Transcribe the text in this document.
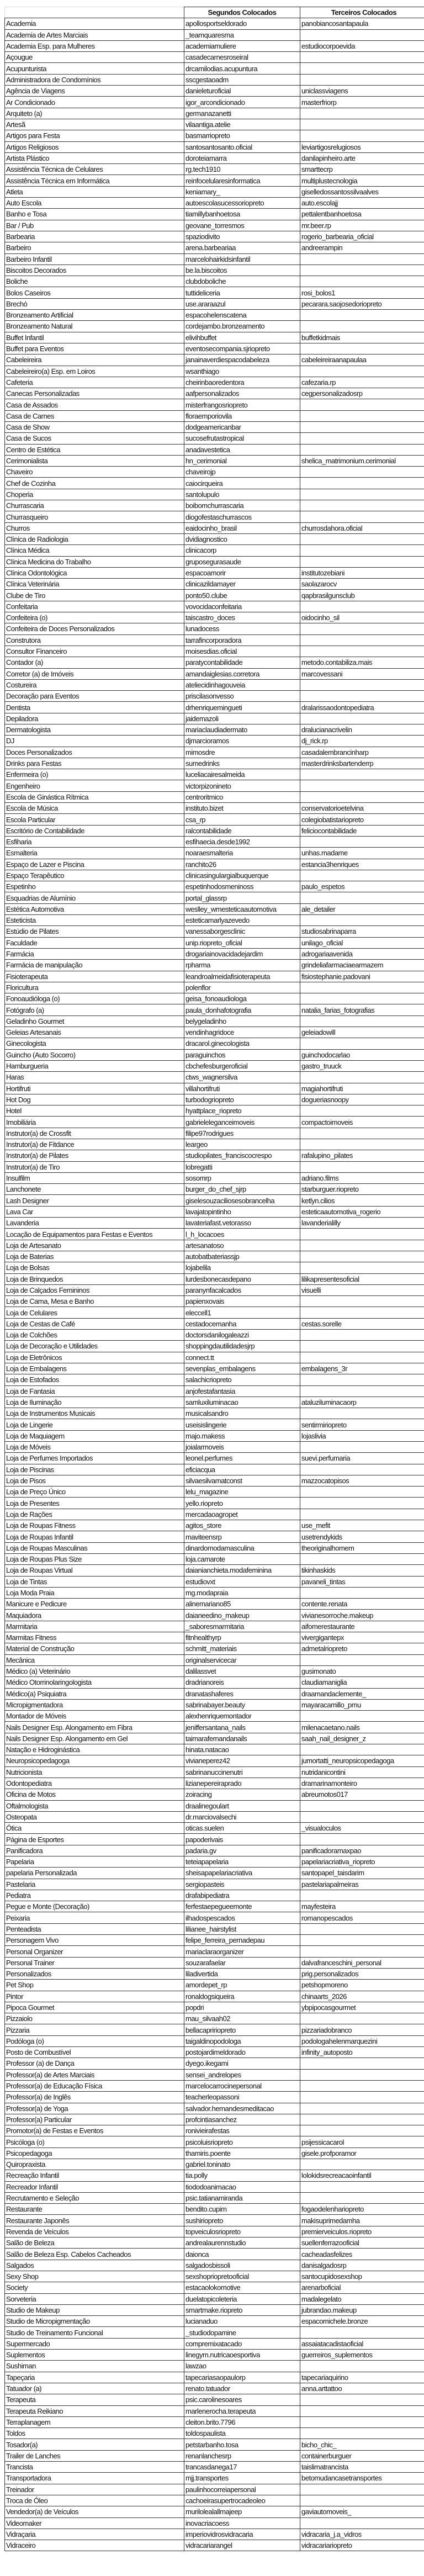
	Segundos Colocados	Terceiros Colocados
Academia	apollosportseldorado	panobiancosantapaula
Academia de Artes Marciais	_teamquaresma	
Academia Esp. para Mulheres	academiamuliere	estudiocorpoevida
Açougue	casadecarnesroseiral	
Acupunturista	drcamilodias.acupuntura	
Administradora de Condomínios	sscgestaoadm	
Agência de Viagens	danieleturoficial	uniclassviagens
Ar Condicionado	igor_arcondicionado	masterfriorp
Arquiteto (a)	germanazanetti	
Artesã	vilaantiga.atelie	
Artigos para Festa	basmarriopreto	
Artigos Religiosos	santosantosanto.oficial	leviartigosrelugiosos
Artista Plástico	doroteiamarra	danilapinheiro.arte
Assistência Técnica de Celulares	rg.tech1910	smarttecrp
Assistência Técnica em Informática	reinfocelularesinformatica	multiplustecnologia
Atleta	keniamary_	giselledossantossilvaalves
Auto Escola	autoescolasucessoriopreto	auto.escolajj
Banho e Tosa	tiamillybanhoetosa	pettalentbanhoetosa
Bar / Pub	geovane_torresmos	mr.beer.rp
Barbearia	spaziodivito	rogerio_barbearia_oficial
Barbeiro	arena.barbeariaa	andreerampin
Barbeiro Infantil	marcelohairkidsinfantil	
Biscoitos Decorados	be.la.biscoitos	
Boliche	clubdoboliche	
Bolos Caseiros	tuttideliceria	rosi_bolos1
Brechó	use.araraazul	pecarara.saojosedoriopreto
Bronzeamento Artificial	espacohelenscatena	
Bronzeamento Natural	cordejambo.bronzeamento	
Buffet Infantil	elivihbuffet	buffetkidmais
Buffet para Eventos	eventosecompania.sjriopreto	
Cabeleireira	janainaverdiespacodabeleza	cabeleireiraanapaulaa
Cabeleireiro(a) Esp. em Loiros	wsanthiago	
Cafeteria	cheirinbaoredentora	cafezaria.rp
Canecas Personalizadas	aafpersonalizados	cegpersonalizadosrp
Casa de Assados	misterfrangosriopreto	
Casa de Carnes	floraemporiovila	
Casa de Show	dodgeamericanbar	
Casa de Sucos	sucosefrutastropical	
Centro de Estética	anadavestetica	
Cerimonialista	hn_cerimonial	shelica_matrimonium.cerimonial
Chaveiro	chaveirojp	
Chef de Cozinha	caiocirqueira	
Choperia	santolupulo	
Churrascaria	boibomchurrascaria	
Churrasqueiro	diogofestaschurrascos	
Churros	eaidocinho_brasil	churrosdahora.oficial
Clínica de Radiologia	dvidiagnostico	
Clínica Médica	clinicacorp	
Clínica Medicina do Trabalho	gruposegurasaude	
Clínica Odontológica	espacoamorir	institutozebiani
Clínica Veterinária	clinicazildamayer	saolazarocv
Clube de Tiro	ponto50.clube	qapbrasilgunsclub
Confeitaria	vovocidaconfeitaria	
Confeiteira (o)	taiscastro_doces	oidocinho_sil
Confeiteira de Doces Personalizados	lunadocess	
Construtora	tarrafincorporadora	
Consultor Financeiro	moisesdias.oficial	
Contador (a)	paratycontabilidade	metodo.contabiliza.mais
Corretor (a) de Imóveis	amandaiglesias.corretora	marcovessani
Costureira	ateliecidinhagouveia	
Decoração para Eventos	priscilasonvesso	
Dentista	drhenriquemingueti	dralarissaodontopediatra
Depiladora	jaidemazoli	
Dermatologista	mariaclaudiadermato	dralucianacrivelin
DJ	djmarcioramos	dj_rick.rp
Doces Personalizados	mimosdre	casadalembrancinharp
Drinks para Festas	sumedrinks	masterdrinksbartenderrp
Enfermeira (o)	luceliacairesalmeida	
Engenheiro	victorpizonineto	
Escola de Ginástica Rítmica	centroritmico	
Escola de Música	instituto.bizet	conservatorioetelvina
Escola Particular	csa_rp	colegiobatistariopreto
Escritório de Contabilidade	ralcontabilidade	feliciocontabilidade
Esfiharia	esfihaecia.desde1992	
Esmalteria	noaraesmalteria	unhas.madame
Espaço de Lazer e Piscina	ranchito26	estancia3henriques
Espaço Terapêutico	clinicasingulargialbuquerque	
Espetinho	espetinhodosmeninoss	paulo_espetos
Esquadrias de Alumínio	portal_glassrp	
Estética Automotiva	weslley_wmesteticaautomotiva	ale_detailer
Esteticista	esteticamarlyazevedo	
Estúdio de Pilates	vanessaborgesclinic	studiosabrinaparra
Faculdade	unip.riopreto_oficial	unilago_oficial
Farmácia	drogariainovacidadejardim	adrogariaavenida
Farmácia de manipulação	rpharma	grindeliafarmaciaearmazem
Fisioterapeuta	leandroalmeidafisioterapeuta	fisiostephanie.padovani
Floricultura	polenflor	
Fonoaudióloga (o)	geisa_fonoaudiologa	
Fotógrafo (a)	paula_donhafotografia	natalia_farias_fotografias
Geladinho Gourmet	belygeladinho	
Geleias Artesanais	vendinhagridoce	geleiadowill
Ginecologista	dracarol.ginecologista	
Guincho (Auto Socorro)	paraguinchos	guinchodocarlao
Hamburgueria	cbchefesburgeroficial	gastro_truuck
Haras	ctws_wagnersilva	
Hortifruti	villahortifruti	magiahortifruti
Hot Dog	turbodogriopreto	dogueriasnoopy
Hotel	hyattplace_riopreto	
Imobiliária	gabrieleleganceimoveis	compactoimoveis
Instrutor(a) de Crossfit	filipe97rodrigues	
Instrutor(a) de Fitdance	leargeo	
Instrutor(a) de Pilates	studiopilates_franciscocrespo	rafalupino_pilates
Instrutor(a) de Tiro	lobregatti	
Insulfilm	sosomrp	adriano.films
Lanchonete	burger_do_chef_sjrp	starburguer.riopreto
Lash Designer	giselesouzaciliosesobrancelha	ketlyn.cilios
Lava Car	lavajatopintinho	esteticaautomotiva_rogerio
Lavanderia	lavateriafast.vetorasso	lavanderialilly
Locação de Equipamentos para Festas e Eventos	l_h_locacoes	
Loja de Artesanato	artesanatoso	
Loja de Baterias	autobatbateriassjp	
Loja de Bolsas	lojabelila	
Loja de Brinquedos	lurdesbonecasdepano	lilikapresentesoficial
Loja de Calçados Femininos	paranynfacalcados	visuelli
Loja de Cama, Mesa e Banho	papienxovais	
Loja de Celulares	eleccell1	
Loja de Cestas de Café	cestadocemanha	cestas.sorelle
Loja de Colchões	doctorsdanilogaleazzi	
Loja de Decoração e Utilidades	shoppingdautilidadesjrp	
Loja de Eletrônicos	connect.tt	
Loja de Embalagens	sevenplas_embalagens	embalagens_3r
Loja de Estofados	salachicriopreto	
Loja de Fantasia	anjofestafantasia	
Loja de Iluminação	samluxiluminacao	ataluziluminacaorp
Loja de Instrumentos Musicais	musicalsandro	
Loja de Lingerie	useisislingerie	sentirmiriopreto
Loja de Maquiagem	majo.makess	lojaslivia
Loja de Móveis	joialarmoveis	
Loja de Perfumes Importados	leonel.perfumes	suevi.perfumaria
Loja de Piscinas	eficiacqua	
Loja de Pisos	silvaesilvamatconst	mazzocatopisos
Loja de Preço Único	lelu_magazine	
Loja de Presentes	yello.riopreto	
Loja de Rações	mercadaoagropet	
Loja de Roupas Fitness	agitos_store	use_mefit
Loja de Roupas Infantil	maviteensrp	usetrendykids
Loja de Roupas Masculinas	dinardomodamasculina	theoriginalhomem
Loja de Roupas Plus Size	loja.camarote	
Loja de Roupas Virtual	daianianchieta.modafeminina	tikinhaskids
Loja de Tintas	estudiovxt	pavaneli_tintas
Loja Moda Praia	mg.modapraia	
Manicure e Pedicure	alinemariano85	contente.renata
Maquiadora	daianeedino_makeup	vivianesorroche.makeup
Marmitaria	_saboresmarmitaria	aifomerestaurante
Marmitas Fitness	fitnhealthyrp	vivergigantepx
Material de Construção	schmitt_materiais	admetalriopreto
Mecânica	originalservicecar	
Médico (a) Veterinário	dalilassvet	gusimonato
Médico Otorrinolaringologista	dradrianoreis	claudiamaniglia
Médico(a) Psiquiatra	dranatashaferes	draamandaclemente_
Micropigmentadora	sabrinabayer.beauty	mayaracamillo_pmu
Montador de Móveis	alexhenriquemontador	
Nails Designer Esp. Alongamento em Fibra	jeniffersantana_nails	milenacaetano.nails
Nails Designer Esp. Alongamento em Gel	taimarafernandanails	saah_nail_designer_z
Natação e Hidroginástica	hinata.natacao	
Neuropsicopedagoga	vivianeperez42	jumortatti_neuropsicopedagoga
Nutricionista	sabrinanuccinenutri	nutridanicontini
Odontopediatra	lizianepereiraprado	dramarinamonteiro
Oficina de Motos	zoiracing	abreumotos017
Oftalmologista	draalinegoulart	
Osteopata	dr.marciovalsechi	
Ótica	oticas.suelen	_visualoculos
Página de Esportes	papoderivais	
Panificadora	padaria.gv	panificadoramaxpao
Papelaria	teteiapapelaria	papelariacriativa_riopreto
papelaria Personalizada	sheisapapelariacriativa	santopapel_taisdarim
Pastelaria	sergiopasteis	pastelariapalmeiras
Pediatra	drafabipediatra	
Pegue e Monte (Decoração)	ferfestaepegueemonte	mayfesteira
Peixaria	ilhadospescados	romanopescados
Penteadista	lilianee_hairstylist	
Personagem Vivo	felipe_ferreira_pernadepau	
Personal Organizer	mariaclaraorganizer	
Personal Trainer	souzarafaelar	dalvafranceschini_personal
Personalizados	liladivertida	prig.personalizados
Pet Shop	amordepet_rp	petshopmoreno
Pintor	ronaldogsiqueira	chinaarts_2026
Pipoca Gourmet	popdri	ybpipocasgourmet
Pizzaiolo	mau_silvaah02	
Pizzaria	bellacapririopreto	pizzariadobranco
Podóloga (o)	taigaldinopodologa	podologahelenmarquezini
Posto de Combustível	postojardimeldorado	infinity_autoposto
Professor (a) de Dança	dyego.ikegami	
Professor(a) de Artes Marciais	sensei_andrelopes	
Professor(a) de Educação Física	marcelocarrocinepersonal	
Professor(a) de Inglês	teacherleopassoni	
Professor(a) de Yoga	salvador.hernandesmeditacao	
Professor(a) Particular	profcintiasanchez	
Promotor(a) de Festas e Eventos	ronivieirafestas	
Psicóloga (o)	psicoluisriopreto	psijessicacarol
Psicopedagoga	thamiris.poente	gisele.profporamor
Quiropraxista	gabriel.toninato	
Recreação Infantil	tia.polly	lolokidsrecreacaoinfantil
Recreador Infantil	tiododoanimacao	
Recrutamento e Seleção	psic.tatianamiranda	
Restaurante	bendito.cupim	fogaodelenhariopreto
Restaurante Japonês	sushiriopreto	makisuprimedamha
Revenda de Veículos	topveiculosriopreto	premierveiculos.riopreto
Salão de Beleza	andrealaurennstudio	suellenferrazooficial
Salão de Beleza Esp. Cabelos Cacheados	daionca	cacheadasfelizes
Salgados	salgadosbissoli	danisalgadosrp
Sexy Shop	sexshopriopretooficial	santocupidosexshop
Society	estacaolokomotive	arenarboficial
Sorveteria	duelatopicoleteria	madalegelato
Studio de Makeup	smartmake.riopreto	jubrandao.makeup
Studio de Micropigmentação	lucianaduo	espacomichele.bronze
Studio de Treinamento Funcional	_studiodopamine	
Supermercado	compremixatacado	assaiatacadistaoficial
Suplementos	linegym.nutricaoesportiva	guerreiros_suplementos
Sushiman	lawzao	
Tapeçaria	tapecariasaopaulorp	tapecariaquirino
Tatuador (a)	renato.tatuador	anna.arttattoo
Terapeuta	psic.carolinesoares	
Terapeuta Reikiano	marlenerocha.terapeuta	
Terraplanagem	cleiton.brito.7796	
Toldos	toldospaulista	
Tosador(a)	petstarbanho.tosa	bicho_chic_
Trailer de Lanches	renanlanchesrp	containerburguer
Trancista	trancasdanega17	taislimatrancista
Transportadora	mjj.transportes	betomudancasetransportes
Treinador	paulinhocorreiapersonal	
Troca de Óleo	cachoeirasupertrocadeoleo	
Vendedor(a) de Veículos	murilolealallmajeep	gaviautomoveis_
Videomaker	inovacriacoess	
Vidraçaria	imperiovidrosvidracaria	vidracaria_j.a_vidros
Vidraceiro	vidracariarangel	vidracariariopreto
